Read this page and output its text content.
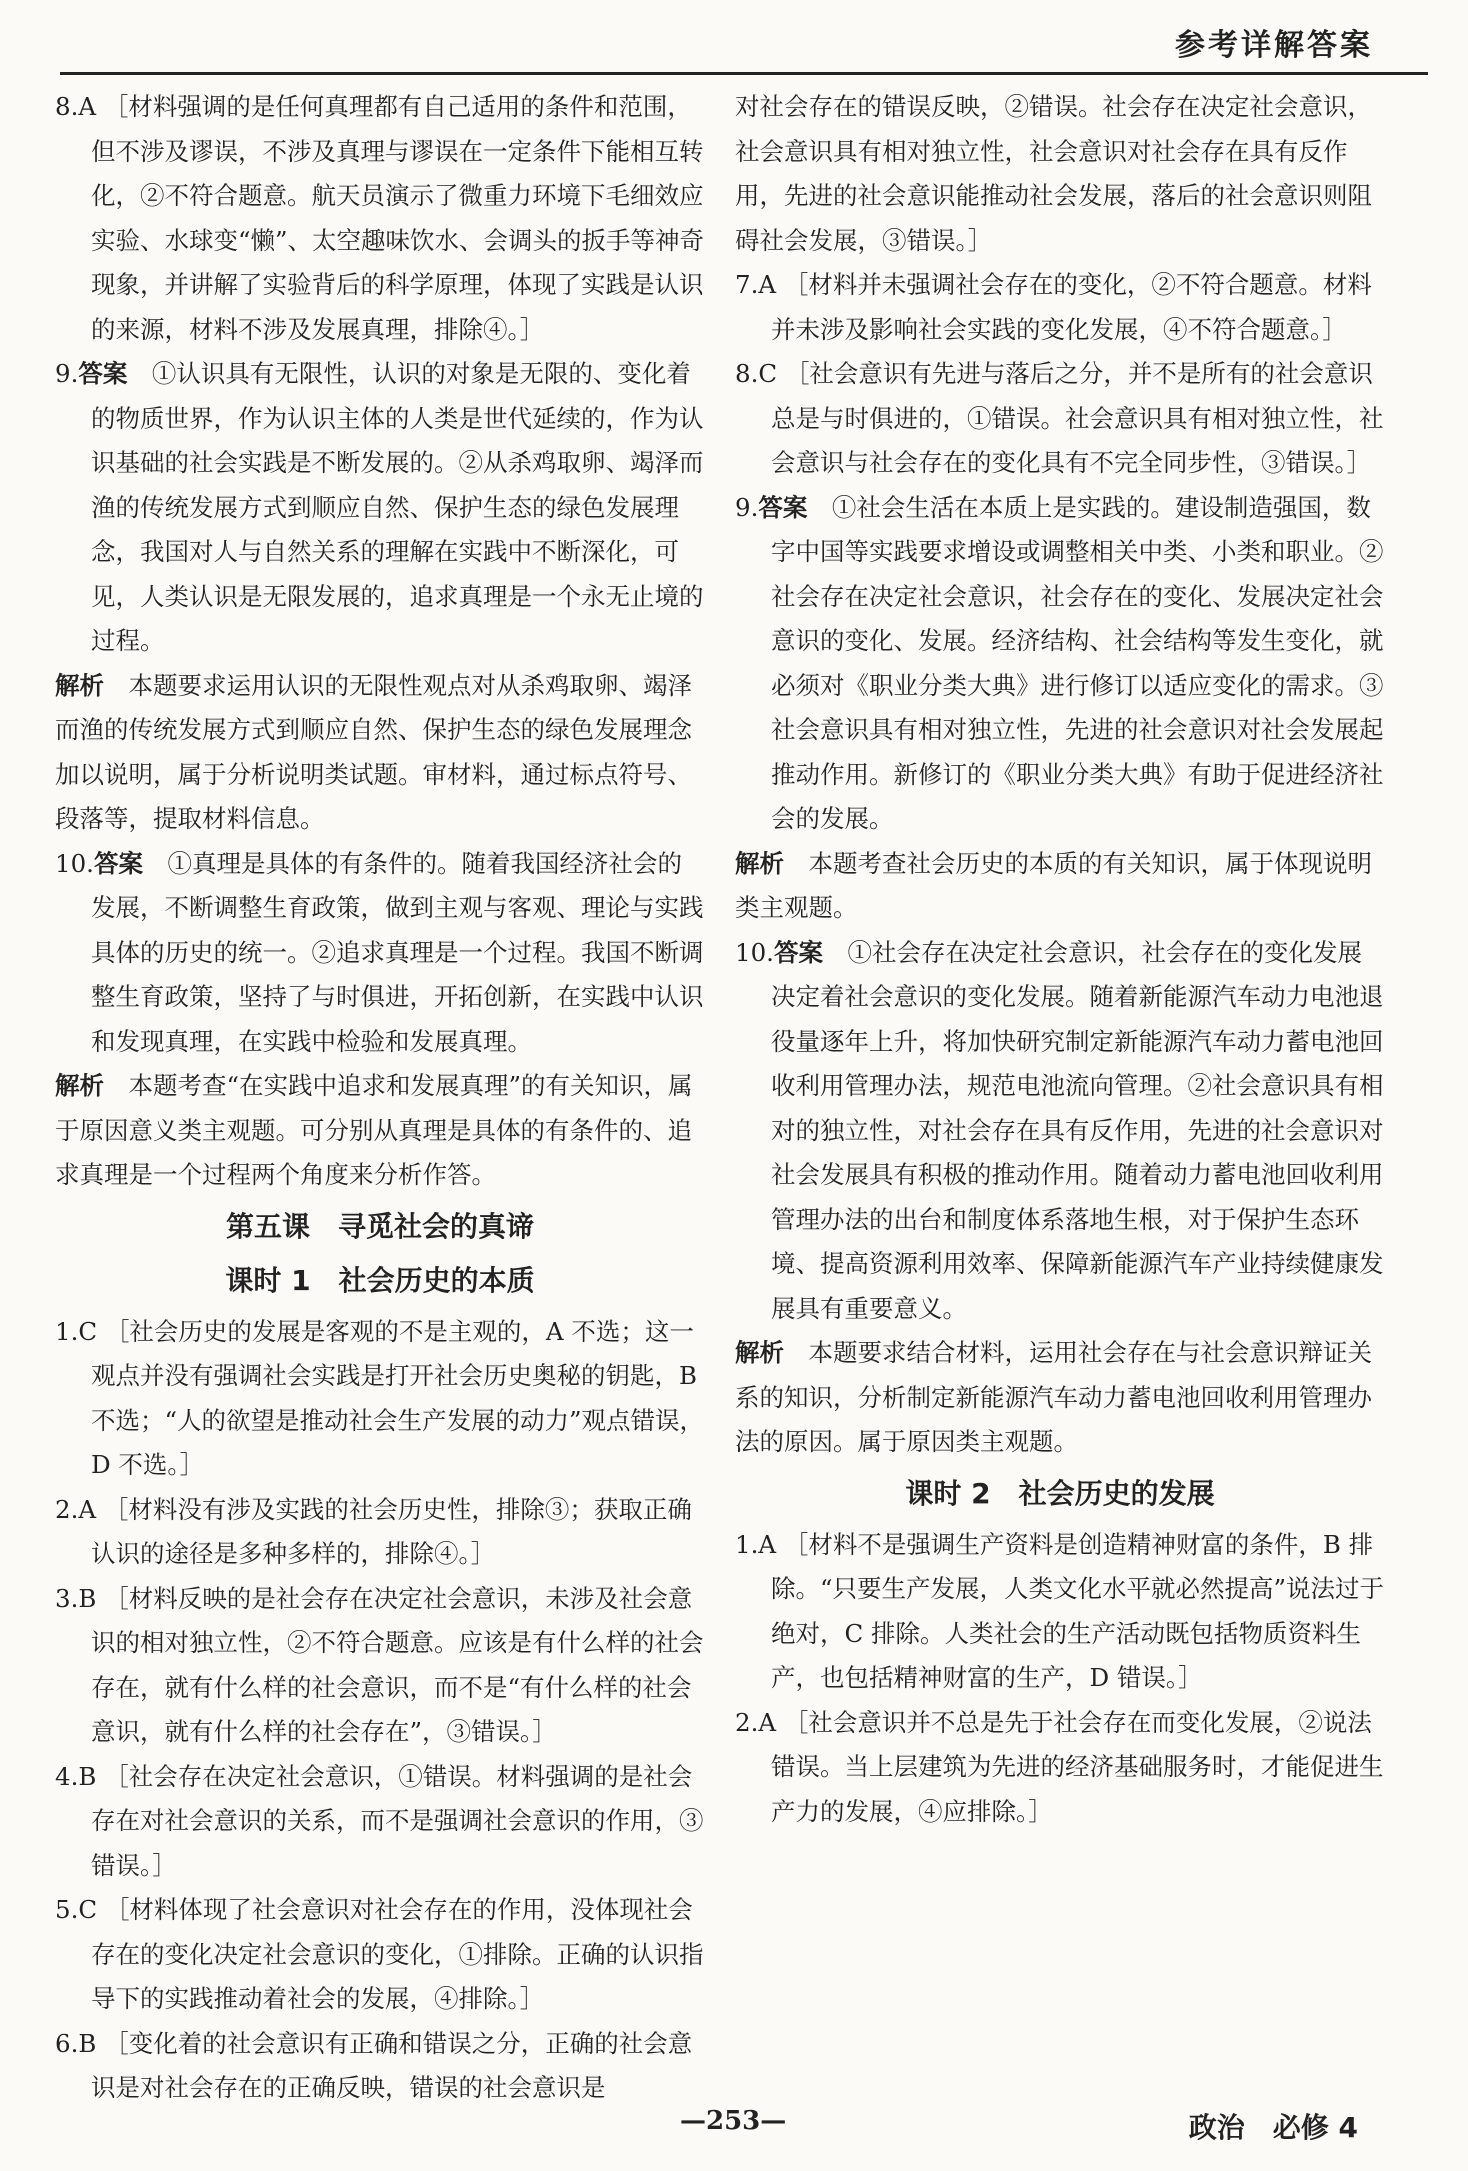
参考详解答案

8.A ［材料强调的是任何真理都有自己适用的条件和范围，但不涉及谬误，不涉及真理与谬误在一定条件下能相互转化，②不符合题意。航天员演示了微重力环境下毛细效应实验、水球变“懒”、太空趣味饮水、会调头的扳手等神奇现象，并讲解了实验背后的科学原理，体现了实践是认识的来源，材料不涉及发展真理，排除④。］

9.答案　 ①认识具有无限性，认识的对象是无限的、变化着的物质世界，作为认识主体的人类是世代延续的，作为认识基础的社会实践是不断发展的。②从杀鸡取卵、竭泽而渔的传统发展方式到顺应自然、保护生态的绿色发展理念，我国对人与自然关系的理解在实践中不断深化，可见，人类认识是无限发展的，追求真理是一个永无止境的过程。

解析　 本题要求运用认识的无限性观点对从杀鸡取卵、竭泽而渔的传统发展方式到顺应自然、保护生态的绿色发展理念加以说明，属于分析说明类试题。审材料，通过标点符号、段落等，提取材料信息。

10.答案　 ①真理是具体的有条件的。随着我国经济社会的发展，不断调整生育政策，做到主观与客观、理论与实践具体的历史的统一。②追求真理是一个过程。我国不断调整生育政策，坚持了与时俱进，开拓创新，在实践中认识和发现真理，在实践中检验和发展真理。

解析　 本题考查“在实践中追求和发展真理”的有关知识，属于原因意义类主观题。可分别从真理是具体的有条件的、追求真理是一个过程两个角度来分析作答。

第五课　寻觅社会的真谛
课时 1　社会历史的本质

1.C ［社会历史的发展是客观的不是主观的，A 不选；这一观点并没有强调社会实践是打开社会历史奥秘的钥匙，B 不选；“人的欲望是推动社会生产发展的动力”观点错误，D 不选。］

2.A ［材料没有涉及实践的社会历史性，排除③；获取正确认识的途径是多种多样的，排除④。］

3.B ［材料反映的是社会存在决定社会意识，未涉及社会意识的相对独立性，②不符合题意。应该是有什么样的社会存在，就有什么样的社会意识，而不是“有什么样的社会意识，就有什么样的社会存在”，③错误。］

4.B ［社会存在决定社会意识，①错误。材料强调的是社会存在对社会意识的关系，而不是强调社会意识的作用，③错误。］

5.C ［材料体现了社会意识对社会存在的作用，没体现社会存在的变化决定社会意识的变化，①排除。正确的认识指导下的实践推动着社会的发展，④排除。］

6.B ［变化着的社会意识有正确和错误之分，正确的社会意识是对社会存在的正确反映，错误的社会意识是

对社会存在的错误反映，②错误。社会存在决定社会意识，社会意识具有相对独立性，社会意识对社会存在具有反作用，先进的社会意识能推动社会发展，落后的社会意识则阻碍社会发展，③错误。］

7.A ［材料并未强调社会存在的变化，②不符合题意。材料并未涉及影响社会实践的变化发展，④不符合题意。］

8.C ［社会意识有先进与落后之分，并不是所有的社会意识总是与时俱进的，①错误。社会意识具有相对独立性，社会意识与社会存在的变化具有不完全同步性，③错误。］

9.答案　 ①社会生活在本质上是实践的。建设制造强国，数字中国等实践要求增设或调整相关中类、小类和职业。②社会存在决定社会意识，社会存在的变化、发展决定社会意识的变化、发展。经济结构、社会结构等发生变化，就必须对《职业分类大典》进行修订以适应变化的需求。③社会意识具有相对独立性，先进的社会意识对社会发展起推动作用。新修订的《职业分类大典》有助于促进经济社会的发展。

解析　 本题考查社会历史的本质的有关知识，属于体现说明类主观题。

10.答案　 ①社会存在决定社会意识，社会存在的变化发展决定着社会意识的变化发展。随着新能源汽车动力电池退役量逐年上升，将加快研究制定新能源汽车动力蓄电池回收利用管理办法，规范电池流向管理。②社会意识具有相对的独立性，对社会存在具有反作用，先进的社会意识对社会发展具有积极的推动作用。随着动力蓄电池回收利用管理办法的出台和制度体系落地生根，对于保护生态环境、提高资源利用效率、保障新能源汽车产业持续健康发展具有重要意义。

解析　 本题要求结合材料，运用社会存在与社会意识辩证关系的知识，分析制定新能源汽车动力蓄电池回收利用管理办法的原因。属于原因类主观题。

课时 2　社会历史的发展

1.A ［材料不是强调生产资料是创造精神财富的条件，B 排除。“只要生产发展，人类文化水平就必然提高”说法过于绝对，C 排除。人类社会的生产活动既包括物质资料生产，也包括精神财富的生产，D 错误。］

2.A ［社会意识并不总是先于社会存在而变化发展，②说法错误。当上层建筑为先进的经济基础服务时，才能促进生产力的发展，④应排除。］

—253—	政治　必修 4
